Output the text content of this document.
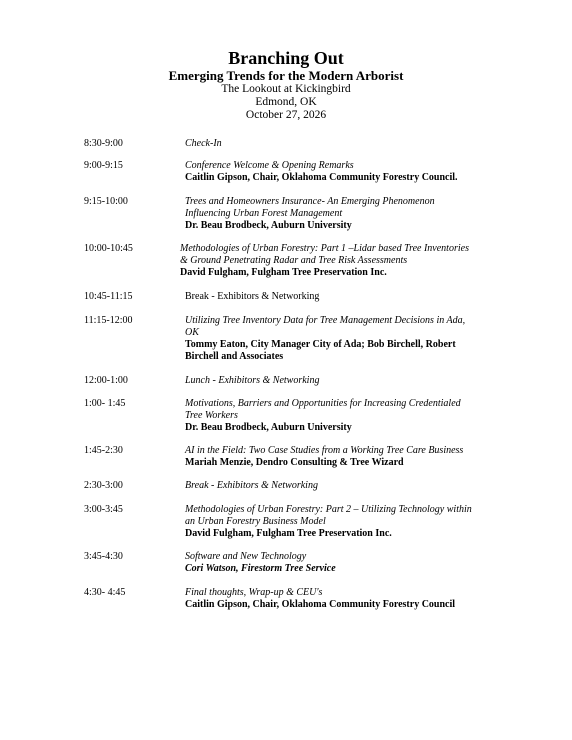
Branching Out
Emerging Trends for the Modern Arborist
The Lookout at Kickingbird
Edmond, OK
October 27, 2026
8:30-9:00	Check-In
9:00-9:15	Conference Welcome & Opening Remarks
Caitlin Gipson, Chair, Oklahoma Community Forestry Council.
9:15-10:00	Trees and Homeowners Insurance- An Emerging Phenomenon
Influencing Urban Forest Management
Dr. Beau Brodbeck, Auburn University
10:00-10:45	Methodologies of Urban Forestry: Part 1 –Lidar based Tree Inventories
& Ground Penetrating Radar and Tree Risk Assessments
David Fulgham, Fulgham Tree Preservation Inc.
10:45-11:15	Break - Exhibitors & Networking
11:15-12:00	Utilizing Tree Inventory Data for Tree Management Decisions in Ada,
OK
Tommy Eaton, City Manager City of Ada; Bob Birchell, Robert
Birchell and Associates
12:00-1:00	Lunch - Exhibitors & Networking
1:00- 1:45	Motivations, Barriers and Opportunities for Increasing Credentialed
Tree Workers
Dr. Beau Brodbeck, Auburn University
1:45-2:30	AI in the Field: Two Case Studies from a Working Tree Care Business
Mariah Menzie, Dendro Consulting & Tree Wizard
2:30-3:00	Break - Exhibitors & Networking
3:00-3:45	Methodologies of Urban Forestry: Part 2 – Utilizing Technology within
an Urban Forestry Business Model
David Fulgham, Fulgham Tree Preservation Inc.
3:45-4:30	Software and New Technology
Cori Watson, Firestorm Tree Service
4:30- 4:45	Final thoughts, Wrap-up & CEU's
Caitlin Gipson, Chair, Oklahoma Community Forestry Council
